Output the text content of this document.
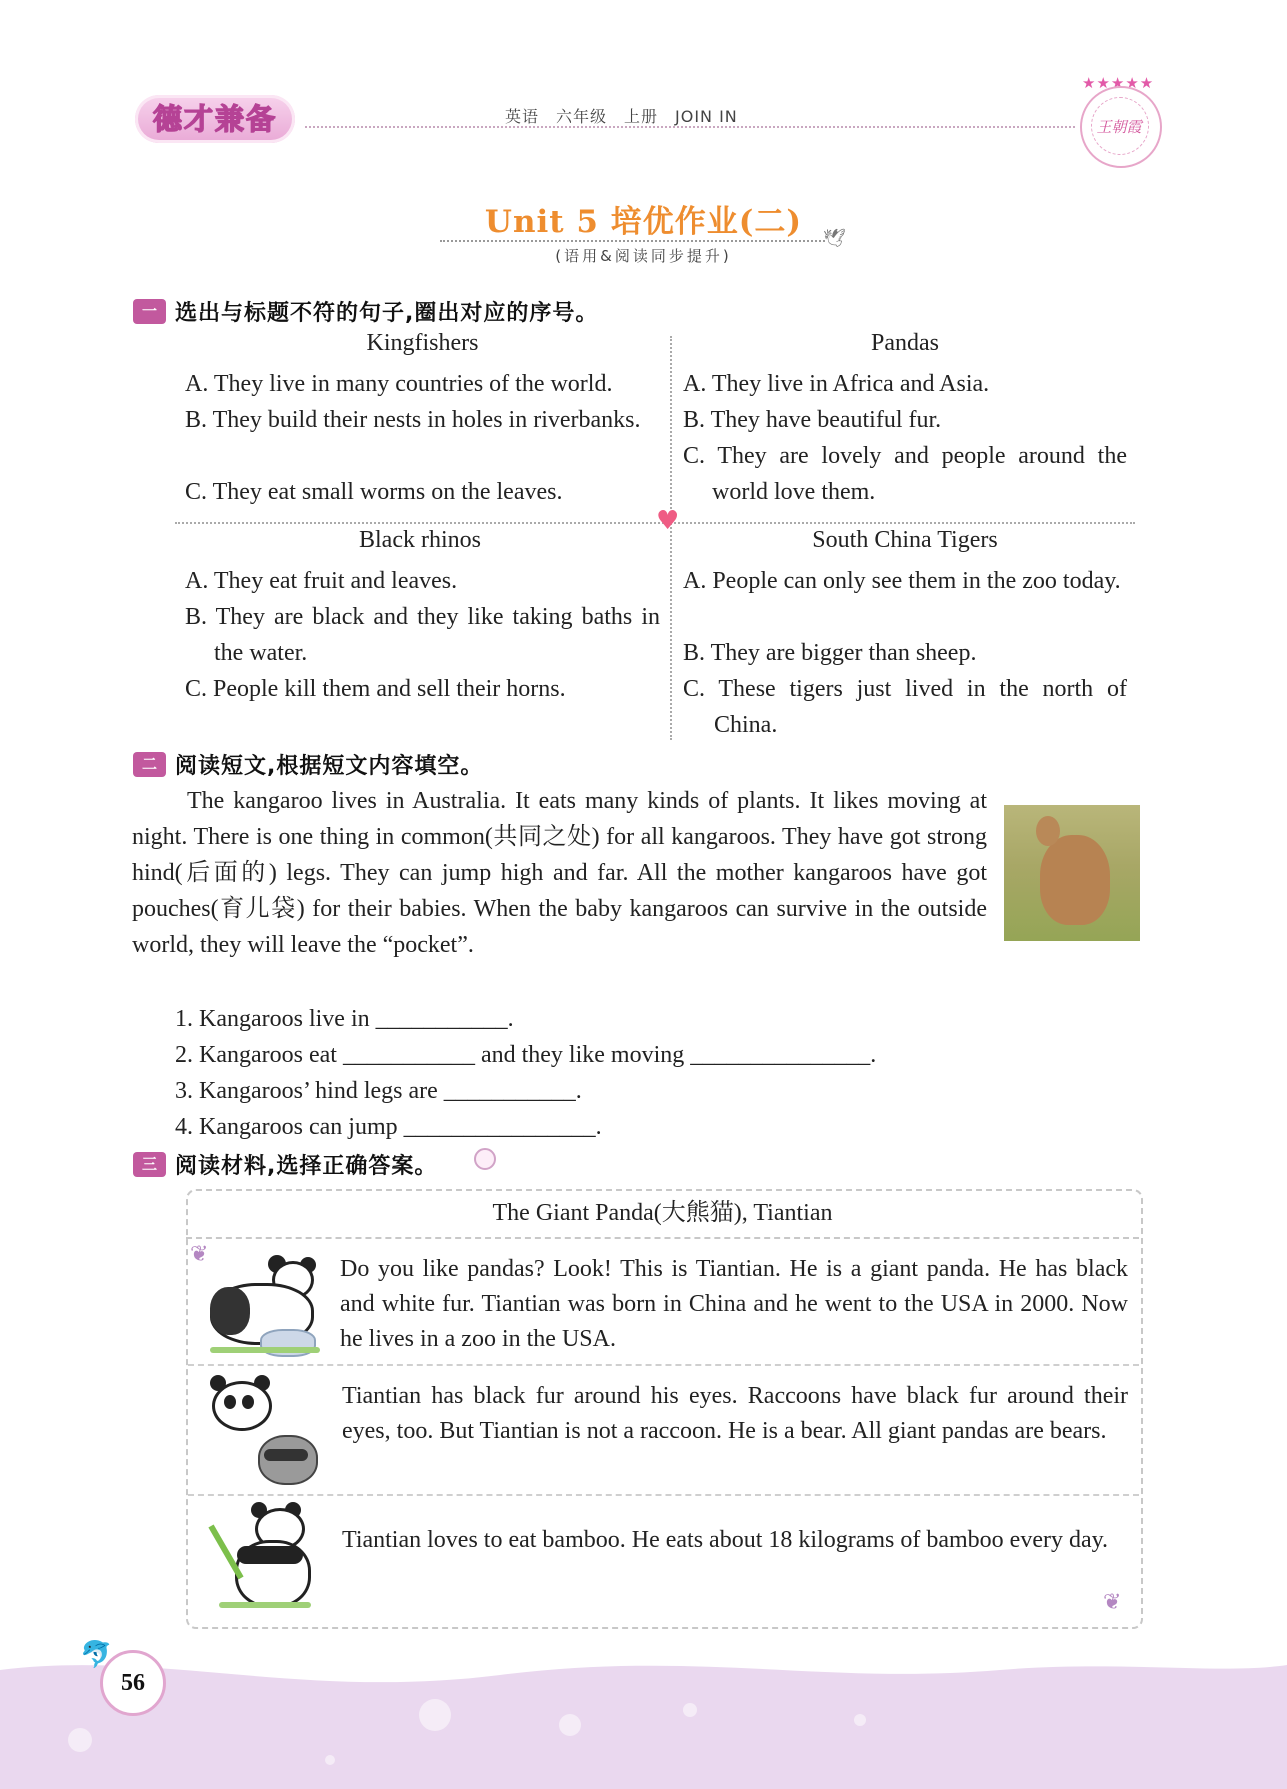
德才兼备	英语　六年级　上册　JOIN IN
★★★★★
王朝霞
Unit 5 培优作业(二)	🕊
(语用&阅读同步提升)
一 选出与标题不符的句子,圈出对应的序号。
♥
Kingfishers
A. They live in many countries of the world.
B. They build their nests in holes in riverbanks.
C. They eat small worms on the leaves.
Pandas
A. They live in Africa and Asia.
B. They have beautiful fur.
C. They are lovely and people around the world love them.
Black rhinos
A. They eat fruit and leaves.
B. They are black and they like taking baths in the water.
C. People kill them and sell their horns.
South China Tigers
A. People can only see them in the zoo today.
B. They are bigger than sheep.
C. These tigers just lived in the north of China.
二 阅读短文,根据短文内容填空。
The kangaroo lives in Australia. It eats many kinds of plants. It likes moving at night. There is one thing in common(共同之处) for all kangaroos. They have got strong hind(后面的) legs. They can jump high and far. All the mother kangaroos have got pouches(育儿袋) for their babies. When the baby kangaroos can survive in the outside world, they will leave the “pocket”.
1. Kangaroos live in ___________.
2. Kangaroos eat ___________ and they like moving _______________.
3. Kangaroos’ hind legs are ___________.
4. Kangaroos can jump ________________.
三 阅读材料,选择正确答案。
The Giant Panda(大熊猫), Tiantian
❦
❦
Do you like pandas? Look! This is Tiantian. He is a giant panda. He has black and white fur. Tiantian was born in China and he went to the USA in 2000. Now he lives in a zoo in the USA.
Tiantian has black fur around his eyes. Raccoons have black fur around their eyes, too. But Tiantian is not a raccoon. He is a bear. All giant pandas are bears.
Tiantian loves to eat bamboo. He eats about 18 kilograms of bamboo every day.
56
🐬
